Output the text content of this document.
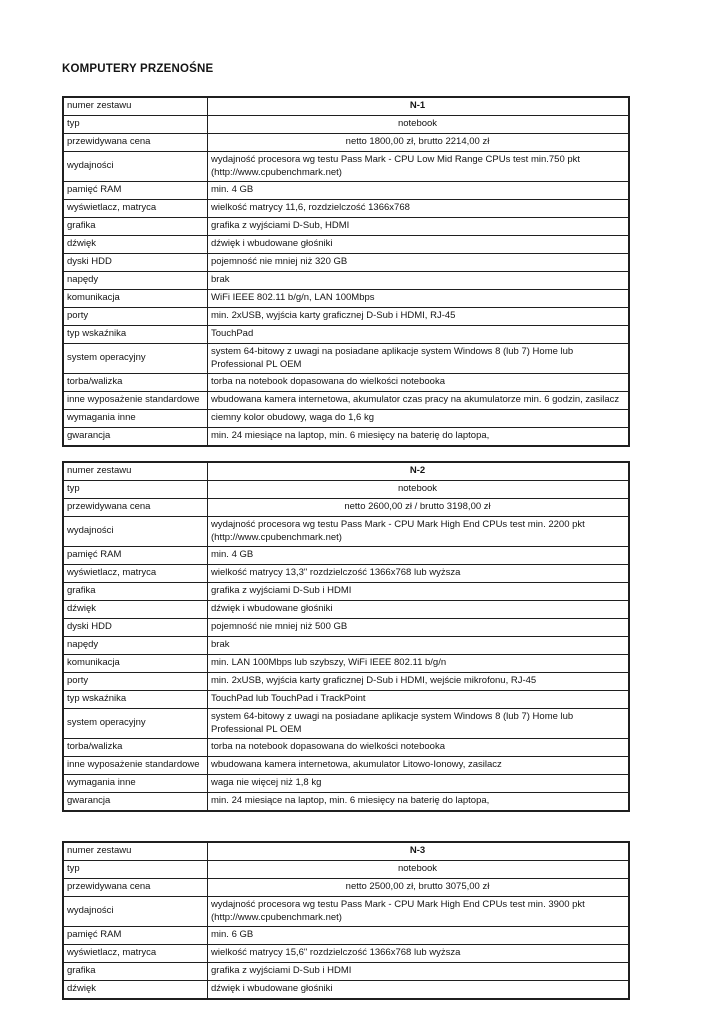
KOMPUTERY PRZENOŚNE
numer zestawu	N-1
typ	notebook
przewidywana cena	netto 1800,00 zł, brutto 2214,00 zł
wydajności	wydajność procesora wg testu Pass Mark - CPU Low Mid Range CPUs test min.750 pkt (http://www.cpubenchmark.net)
pamięć RAM	min. 4 GB
wyświetlacz, matryca	wielkość matrycy 11,6, rozdzielczość 1366x768
grafika	grafika z wyjściami D-Sub, HDMI
dźwięk	dźwięk i wbudowane głośniki
dyski HDD	pojemność nie mniej niż 320 GB
napędy	brak
komunikacja	WiFi IEEE 802.11 b/g/n, LAN 100Mbps
porty	min. 2xUSB, wyjścia karty graficznej D-Sub i HDMI, RJ-45
typ wskaźnika	TouchPad
system operacyjny	system 64-bitowy z uwagi na posiadane aplikacje system Windows 8 (lub 7) Home lub Professional PL OEM
torba/walizka	torba na notebook dopasowana do wielkości notebooka
inne wyposażenie standardowe	wbudowana kamera internetowa, akumulator czas pracy na akumulatorze min. 6 godzin, zasilacz
wymagania inne	ciemny kolor obudowy, waga do 1,6 kg
gwarancja	min. 24 miesiące na laptop, min. 6 miesięcy na baterię do laptopa,
numer zestawu	N-2
typ	notebook
przewidywana cena	netto 2600,00 zł / brutto 3198,00 zł
wydajności	wydajność procesora wg testu Pass Mark - CPU Mark High End CPUs test min. 2200 pkt (http://www.cpubenchmark.net)
pamięć RAM	min. 4 GB
wyświetlacz, matryca	wielkość matrycy 13,3" rozdzielczość 1366x768 lub wyższa
grafika	grafika z wyjściami D-Sub i HDMI
dźwięk	dźwięk i wbudowane głośniki
dyski HDD	pojemność nie mniej niż 500 GB
napędy	brak
komunikacja	min. LAN 100Mbps lub szybszy, WiFi IEEE 802.11 b/g/n
porty	min. 2xUSB, wyjścia karty graficznej D-Sub i HDMI, wejście mikrofonu, RJ-45
typ wskaźnika	TouchPad lub TouchPad i TrackPoint
system operacyjny	system 64-bitowy z uwagi na posiadane aplikacje system Windows 8 (lub 7) Home lub Professional PL OEM
torba/walizka	torba na notebook dopasowana do wielkości notebooka
inne wyposażenie standardowe	wbudowana kamera internetowa, akumulator Litowo-Ionowy, zasilacz
wymagania inne	waga nie więcej niż 1,8 kg
gwarancja	min. 24 miesiące na laptop, min. 6 miesięcy na baterię do laptopa,
numer zestawu	N-3
typ	notebook
przewidywana cena	netto 2500,00 zł, brutto 3075,00 zł
wydajności	wydajność procesora wg testu Pass Mark - CPU Mark High End CPUs test min. 3900 pkt (http://www.cpubenchmark.net)
pamięć RAM	min. 6 GB
wyświetlacz, matryca	wielkość matrycy 15,6" rozdzielczość 1366x768 lub wyższa
grafika	grafika z wyjściami D-Sub i HDMI
dźwięk	dźwięk i wbudowane głośniki
